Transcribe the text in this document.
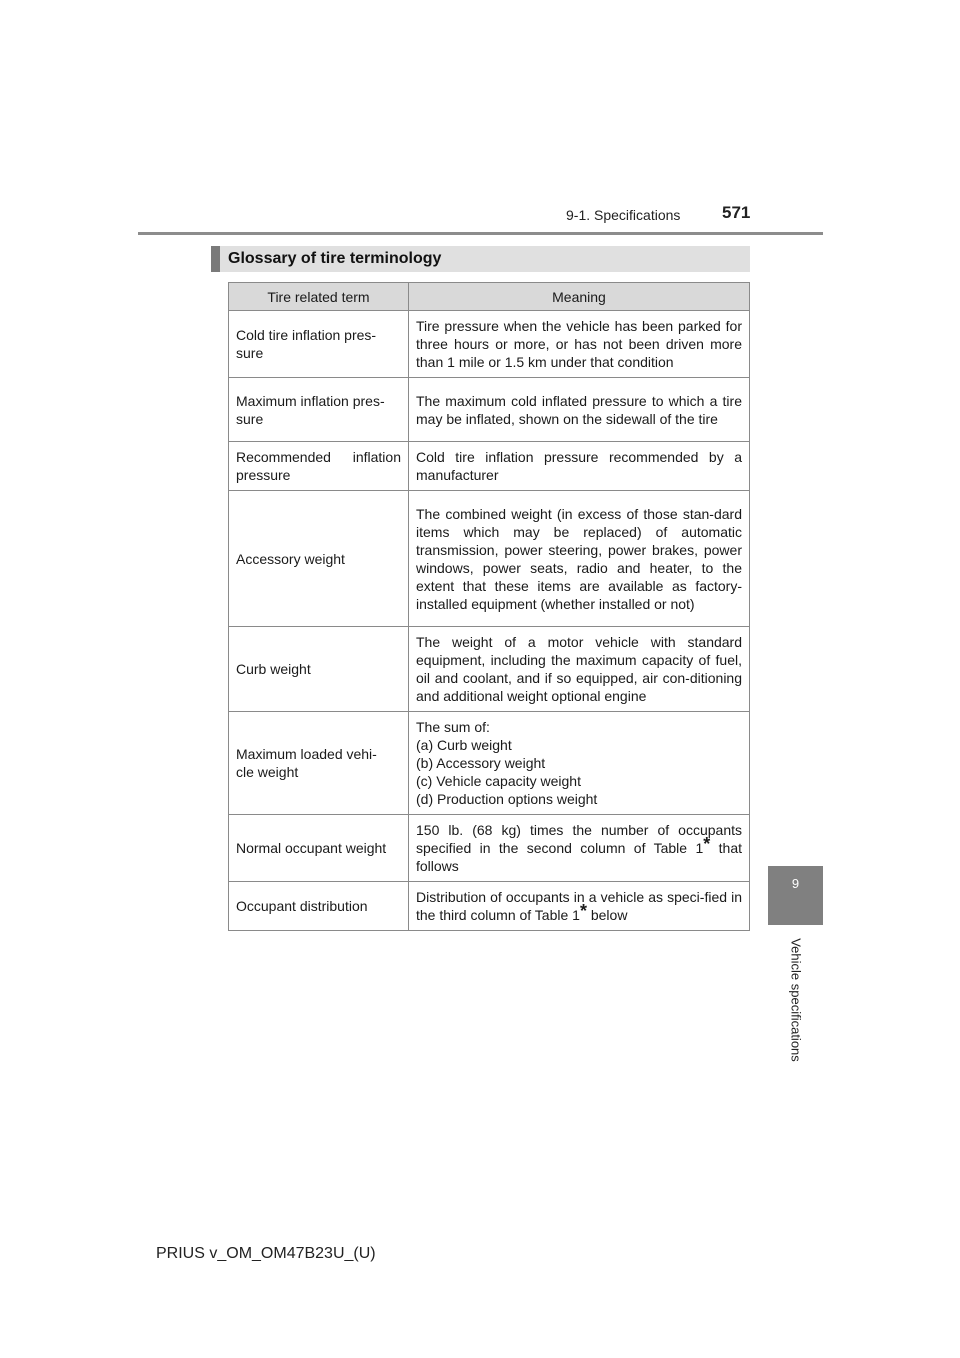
9-1. Specifications 571
Glossary of tire terminology
Tire related term	Meaning
Cold tire inflation pres-
sure	Tire pressure when the vehicle has been parked for three hours or more, or has not been driven more than 1 mile or 1.5 km under that condition
Maximum inflation pres-
sure	The maximum cold inflated pressure to which a tire may be inflated, shown on the sidewall of the tire
Recommended inflation pressure	Cold tire inflation pressure recommended by a manufacturer
Accessory weight	The combined weight (in excess of those stan-dard items which may be replaced) of automatic transmission, power steering, power brakes, power windows, power seats, radio and heater, to the extent that these items are available as factory-installed equipment (whether installed or not)
Curb weight	The weight of a motor vehicle with standard equipment, including the maximum capacity of fuel, oil and coolant, and if so equipped, air con-ditioning and additional weight optional engine
Maximum loaded vehi-
cle weight	The sum of:
(a) Curb weight
(b) Accessory weight
(c) Vehicle capacity weight
(d) Production options weight
Normal occupant weight	150 lb. (68 kg) times the number of occupants specified in the second column of Table 1* that follows
Occupant distribution	Distribution of occupants in a vehicle as speci-fied in the third column of Table 1* below
9
Vehicle specifications
PRIUS v_OM_OM47B23U_(U)
